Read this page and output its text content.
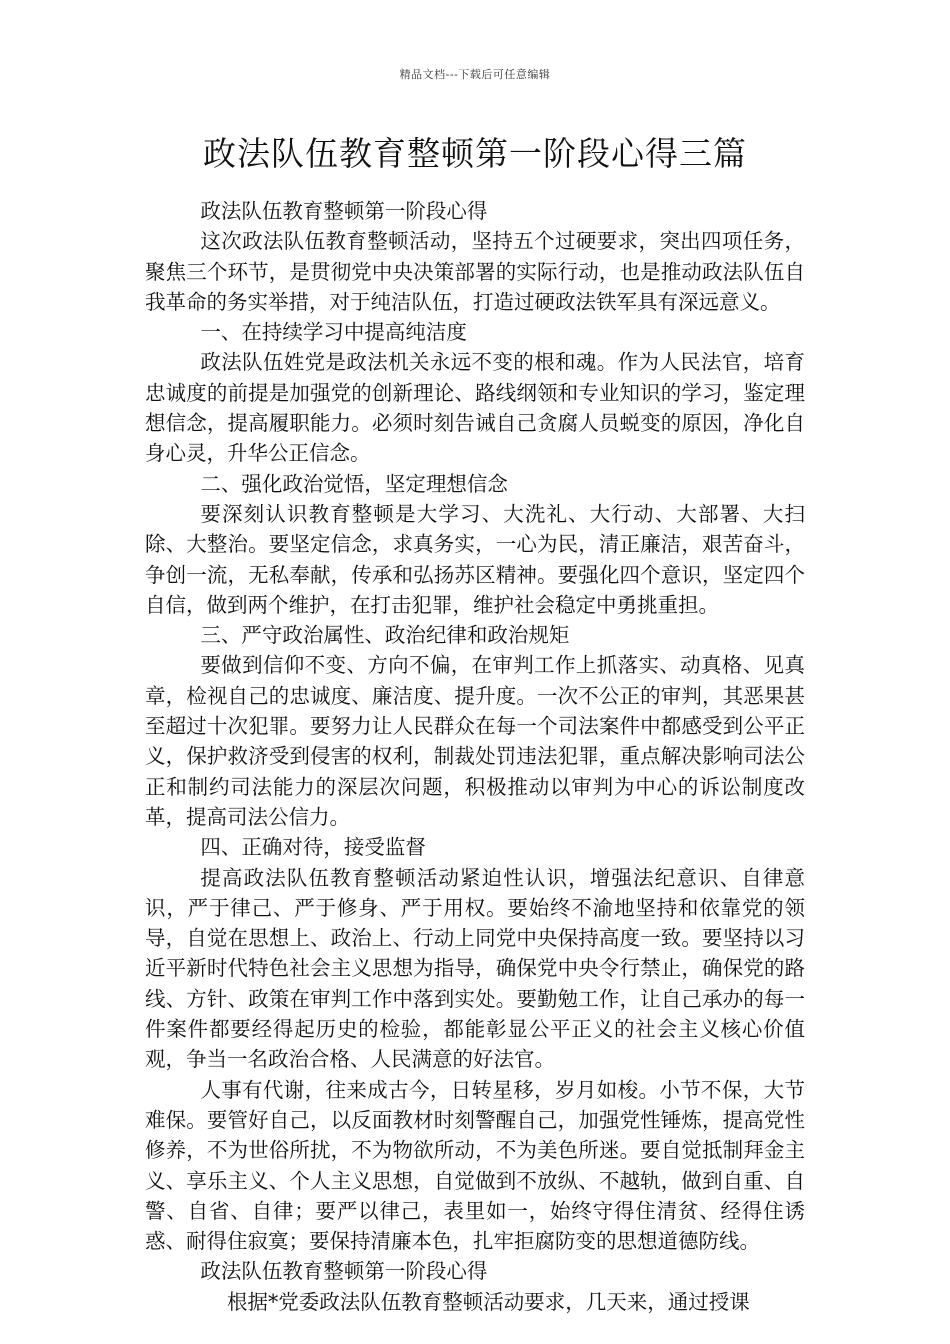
精品文档---下载后可任意编辑
政法队伍教育整顿第一阶段心得三篇

政法队伍教育整顿第一阶段心得

这次政法队伍教育整顿活动，坚持五个过硬要求，突出四项任务，聚焦三个环节，是贯彻党中央决策部署的实际行动，也是推动政法队伍自我革命的务实举措，对于纯洁队伍，打造过硬政法铁军具有深远意义。

一、在持续学习中提高纯洁度

政法队伍姓党是政法机关永远不变的根和魂。作为人民法官，培育忠诚度的前提是加强党的创新理论、路线纲领和专业知识的学习，鉴定理想信念，提高履职能力。必须时刻告诫自己贪腐人员蜕变的原因，净化自身心灵，升华公正信念。

二、强化政治觉悟，坚定理想信念

要深刻认识教育整顿是大学习、大洗礼、大行动、大部署、大扫除、大整治。要坚定信念，求真务实，一心为民，清正廉洁，艰苦奋斗，争创一流，无私奉献，传承和弘扬苏区精神。要强化四个意识，坚定四个自信，做到两个维护，在打击犯罪，维护社会稳定中勇挑重担。

三、严守政治属性、政治纪律和政治规矩

要做到信仰不变、方向不偏，在审判工作上抓落实、动真格、见真章，检视自己的忠诚度、廉洁度、提升度。一次不公正的审判，其恶果甚至超过十次犯罪。要努力让人民群众在每一个司法案件中都感受到公平正义，保护救济受到侵害的权利，制裁处罚违法犯罪，重点解决影响司法公正和制约司法能力的深层次问题，积极推动以审判为中心的诉讼制度改革，提高司法公信力。

四、正确对待，接受监督

提高政法队伍教育整顿活动紧迫性认识，增强法纪意识、自律意识，严于律己、严于修身、严于用权。要始终不渝地坚持和依靠党的领导，自觉在思想上、政治上、行动上同党中央保持高度一致。要坚持以习近平新时代特色社会主义思想为指导，确保党中央令行禁止，确保党的路线、方针、政策在审判工作中落到实处。要勤勉工作，让自己承办的每一件案件都要经得起历史的检验，都能彰显公平正义的社会主义核心价值观，争当一名政治合格、人民满意的好法官。

人事有代谢，往来成古今，日转星移，岁月如梭。小节不保，大节难保。要管好自己，以反面教材时刻警醒自己，加强党性锤炼，提高党性修养，不为世俗所扰，不为物欲所动，不为美色所迷。要自觉抵制拜金主义、享乐主义、个人主义思想，自觉做到不放纵、不越轨，做到自重、自警、自省、自律；要严以律己，表里如一，始终守得住清贫、经得住诱惑、耐得住寂寞；要保持清廉本色，扎牢拒腐防变的思想道德防线。

政法队伍教育整顿第一阶段心得

根据*党委政法队伍教育整顿活动要求，几天来，通过授课
